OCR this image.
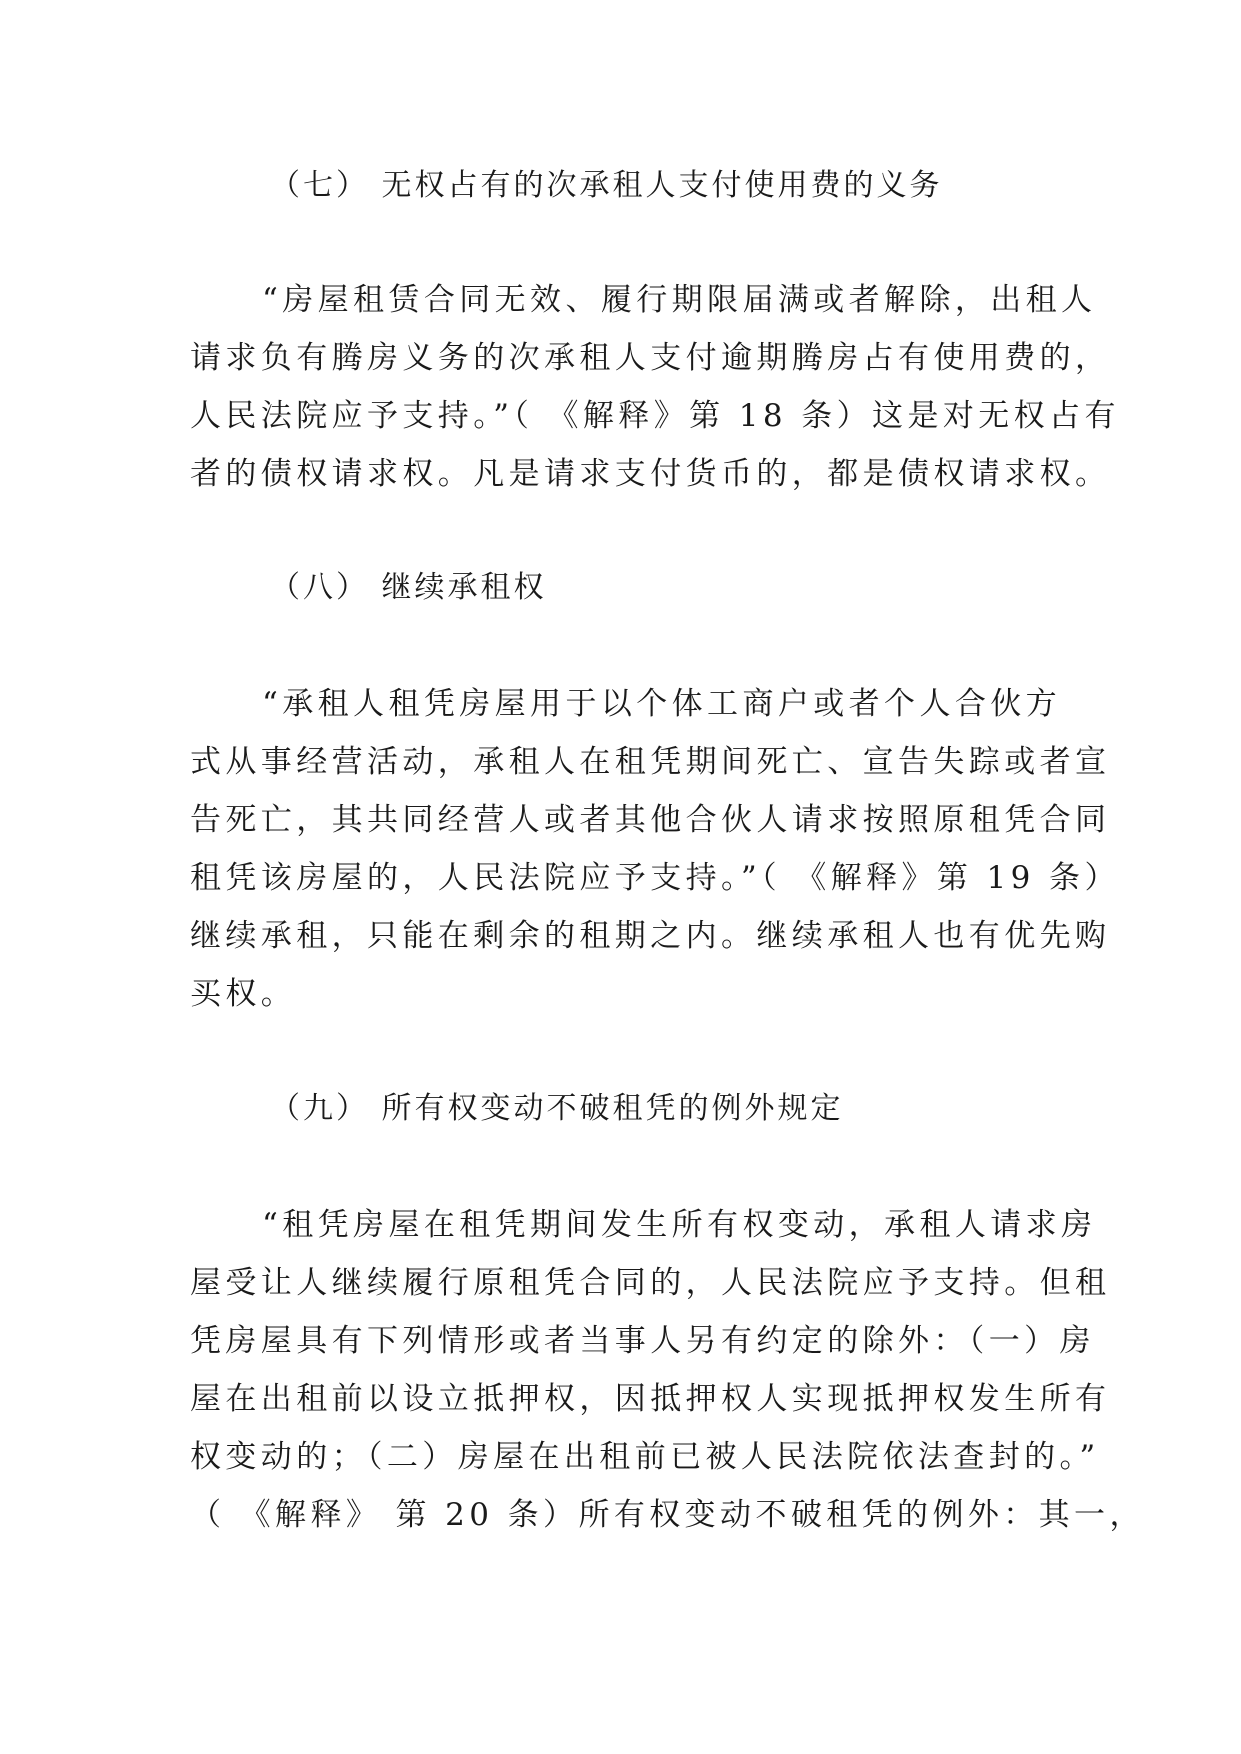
（七） 无权占有的次承租人支付使用费的义务
“房屋租赁合同无效、履行期限届满或者解除，出租人
请求负有腾房义务的次承租人支付逾期腾房占有使用费的，
人民法院应予支持。”（ 《解释》第 18 条）这是对无权占有
者的债权请求权。凡是请求支付货币的，都是债权请求权。
（八） 继续承租权
“承租人租凭房屋用于以个体工商户或者个人合伙方
式从事经营活动，承租人在租凭期间死亡、宣告失踪或者宣
告死亡，其共同经营人或者其他合伙人请求按照原租凭合同
租凭该房屋的，人民法院应予支持。”（ 《解释》第 19 条）
继续承租，只能在剩余的租期之内。继续承租人也有优先购
买权。
（九） 所有权变动不破租凭的例外规定
“租凭房屋在租凭期间发生所有权变动，承租人请求房
屋受让人继续履行原租凭合同的，人民法院应予支持。但租
凭房屋具有下列情形或者当事人另有约定的除外：（一）房
屋在出租前以设立抵押权，因抵押权人实现抵押权发生所有
权变动的；（二）房屋在出租前已被人民法院依法查封的。”
（ 《解释》 第 20 条）所有权变动不破租凭的例外：其一，
